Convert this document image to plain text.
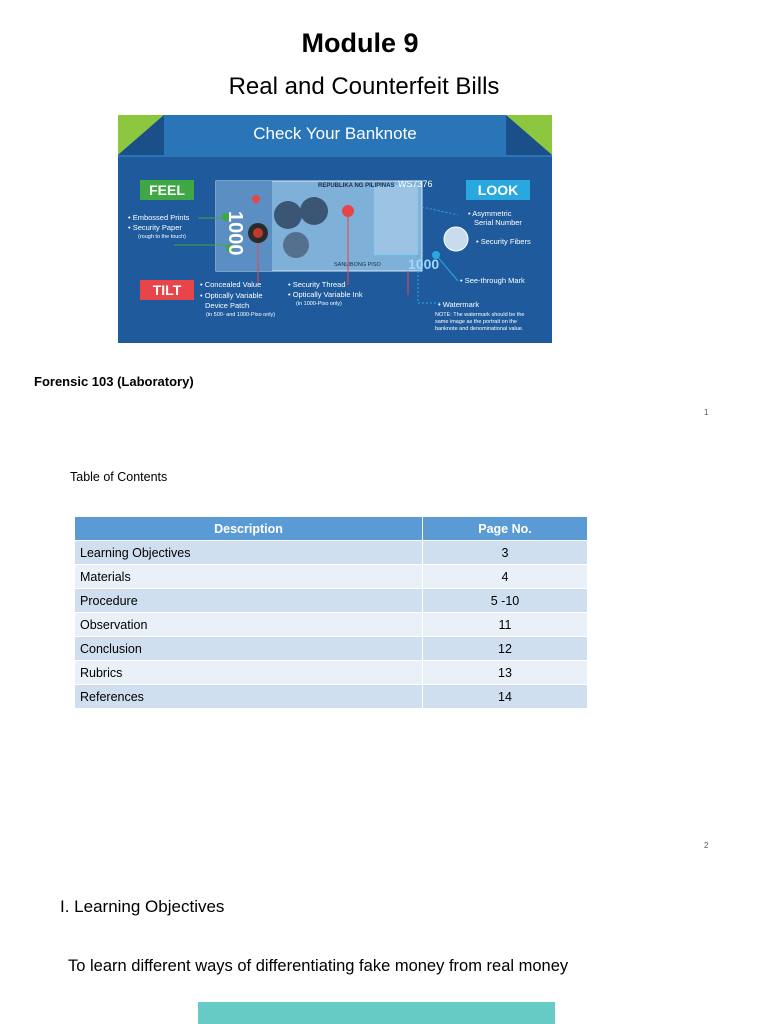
Module 9
Real and Counterfeit Bills
Check Your Banknote
FEEL
• Embossed Prints
• Security Paper
(rough to the touch)
LOOK
• Asymmetric
Serial Number
• Security Fibers
• See-through Mark
• Watermark
TILT	• Concealed Value
• Optically Variable
Device Patch
(in 500- and 1000-Piso only)
• Security Thread
• Optically Variable Ink
(in 1000-Piso only)
NOTE: The watermark should be the
same image as the portrait on the
banknote and denominational value.
1000
REPUBLIKA NG PILIPINAS
SANLIBONG PISO
WS7376
1000
Forensic 103 (Laboratory)
1
Table of Contents
Description	Page No.
Learning Objectives	3
Materials	4
Procedure	5 -10
Observation	11
Conclusion	12
Rubrics	13
References	14
2
I. Learning Objectives
To learn different ways of differentiating fake money from real money
